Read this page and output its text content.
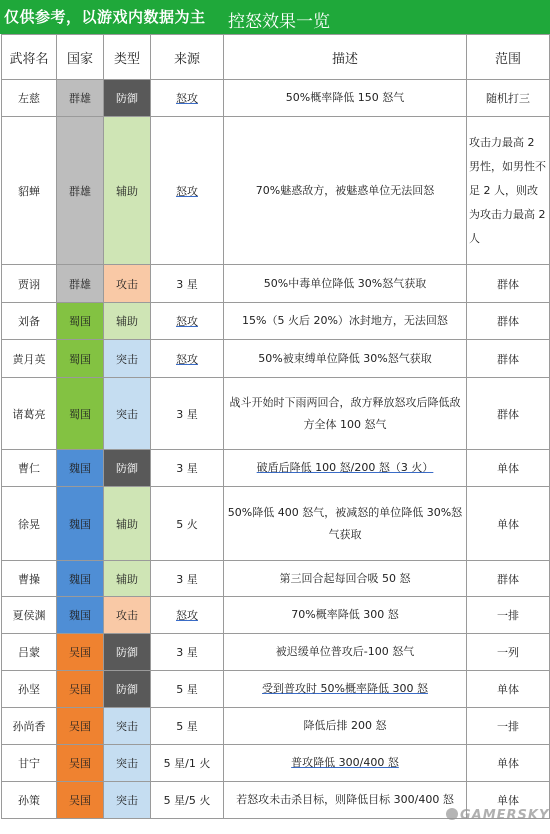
仅供参考，以游戏内数据为主 控怒效果一览
武将名	国家	类型	来源	描述	范围
左慈	群雄	防御	怒攻	50%概率降低 150 怒气	随机打三
貂蝉	群雄	辅助	怒攻	70%魅惑敌方，被魅惑单位无法回怒	攻击力最高 2 男性，如男性不足 2 人，则改为攻击力最高 2 人
贾诩	群雄	攻击	3 星	50%中毒单位降低 30%怒气获取	群体
刘备	蜀国	辅助	怒攻	15%（5 火后 20%）冰封地方，无法回怒	群体
黄月英	蜀国	突击	怒攻	50%被束缚单位降低 30%怒气获取	群体
诸葛亮	蜀国	突击	3 星	战斗开始时下雨两回合，敌方释放怒攻后降低敌方全体 100 怒气	群体
曹仁	魏国	防御	3 星	破盾后降低 100 怒/200 怒（3 火）	单体
徐晃	魏国	辅助	5 火	50%降低 400 怒气，被减怒的单位降低 30%怒气获取	单体
曹操	魏国	辅助	3 星	第三回合起每回合吸 50 怒	群体
夏侯渊	魏国	攻击	怒攻	70%概率降低 300 怒	一排
吕蒙	吴国	防御	3 星	被迟缓单位普攻后-100 怒气	一列
孙坚	吴国	防御	5 星	受到普攻时 50%概率降低 300 怒	单体
孙尚香	吴国	突击	5 星	降低后排 200 怒	一排
甘宁	吴国	突击	5 星/1 火	普攻降低 300/400 怒	单体
孙策	吴国	突击	5 星/5 火	若怒攻未击杀目标，则降低目标 300/400 怒	单体
GAMERSKY
